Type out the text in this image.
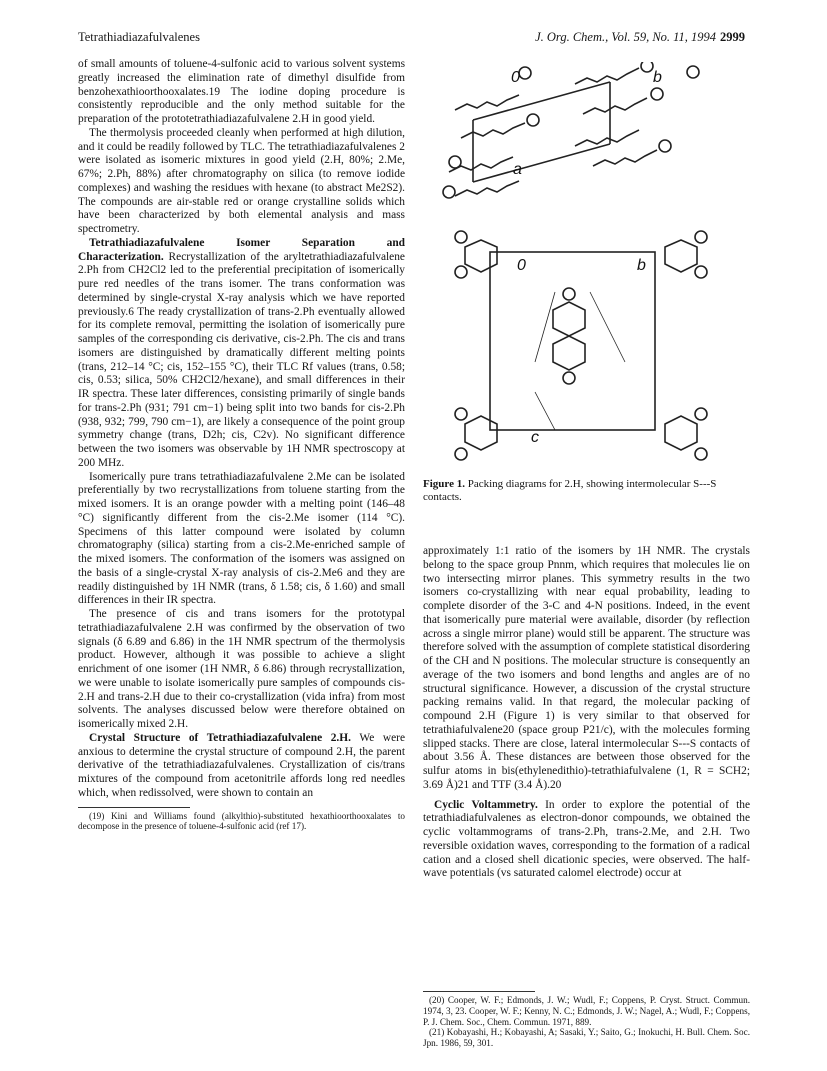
Tetrathiadiazafulvalenes	J. Org. Chem., Vol. 59, No. 11, 1994 2999

of small amounts of toluene-4-sulfonic acid to various solvent systems greatly increased the elimination rate of dimethyl disulfide from benzohexathioorthooxalates.19 The iodine doping procedure is consistently reproducible and the only method suitable for the preparation of the prototetrathiadiazafulvalene 2.H in good yield.

The thermolysis proceeded cleanly when performed at high dilution, and it could be readily followed by TLC. The tetrathiadiazafulvalenes 2 were isolated as isomeric mixtures in good yield (2.H, 80%; 2.Me, 67%; 2.Ph, 88%) after chromatography on silica (to remove iodide complexes) and washing the residues with hexane (to abstract Me2S2). The compounds are air-stable red or orange crystalline solids which have been characterized by both elemental analysis and mass spectrometry.

Tetrathiadiazafulvalene Isomer Separation and Characterization. Recrystallization of the aryltetrathiadiazafulvalene 2.Ph from CH2Cl2 led to the preferential precipitation of isomerically pure red needles of the trans isomer. The trans conformation was determined by single-crystal X-ray analysis which we have reported previously.6 The ready crystallization of trans-2.Ph eventually allowed for its complete removal, permitting the isolation of isomerically pure samples of the corresponding cis derivative, cis-2.Ph. The cis and trans isomers are distinguished by dramatically different melting points (trans, 212–14 °C; cis, 152–155 °C), their TLC Rf values (trans, 0.58; cis, 0.53; silica, 50% CH2Cl2/hexane), and small differences in their IR spectra. These later differences, consisting primarily of single bands for trans-2.Ph (931; 791 cm−1) being split into two bands for cis-2.Ph (938, 932; 799, 790 cm−1), are likely a consequence of the point group symmetry change (trans, D2h; cis, C2v). No significant difference between the two isomers was observable by 1H NMR spectroscopy at 200 MHz.

Isomerically pure trans tetrathiadiazafulvalene 2.Me can be isolated preferentially by two recrystallizations from toluene starting from the mixed isomers. It is an orange powder with a melting point (146–48 °C) significantly different from the cis-2.Me isomer (114 °C). Specimens of this latter compound were isolated by column chromatography (silica) starting from a cis-2.Me-enriched sample of the mixed isomers. The conformation of the isomers was assigned on the basis of a single-crystal X-ray analysis of cis-2.Me6 and they are readily distinguished by 1H NMR (trans, δ 1.58; cis, δ 1.60) and small differences in their IR spectra.

The presence of cis and trans isomers for the prototypal tetrathiadiazafulvalene 2.H was confirmed by the observation of two signals (δ 6.89 and 6.86) in the 1H NMR spectrum of the thermolysis product. However, although it was possible to achieve a slight enrichment of one isomer (1H NMR, δ 6.86) through recrystallization, we were unable to isolate isomerically pure samples of compounds cis-2.H and trans-2.H due to their co-crystallization (vida infra) from most solvents. The analyses discussed below were therefore obtained on isomerically mixed 2.H.

Crystal Structure of Tetrathiadiazafulvalene 2.H. We were anxious to determine the crystal structure of compound 2.H, the parent derivative of the tetrathiadiazafulvalenes. Crystallization of cis/trans mixtures of the compound from acetonitrile affords long red needles which, when redissolved, were shown to contain an

(19) Kini and Williams found (alkylthio)-substituted hexathioorthooxalates to decompose in the presence of toluene-4-sulfonic acid (ref 17).

0	b
a
0	b
c
Figure 1. Packing diagrams for 2.H, showing intermolecular S---S contacts.

approximately 1:1 ratio of the isomers by 1H NMR. The crystals belong to the space group Pnnm, which requires that molecules lie on two intersecting mirror planes. This symmetry results in the two isomers co-crystallizing with near equal probability, leading to complete disorder of the 3-C and 4-N positions. Indeed, in the event that isomerically pure material were available, disorder (by reflection across a single mirror plane) would still be apparent. The structure was therefore solved with the assumption of complete statistical disordering of the CH and N positions. The molecular structure is consequently an average of the two isomers and bond lengths and angles are of no structural significance. However, a discussion of the crystal structure packing remains valid. In that regard, the molecular packing of compound 2.H (Figure 1) is very similar to that observed for tetrathiafulvalene20 (space group P21/c), with the molecules forming slipped stacks. There are close, lateral intermolecular S---S contacts of about 3.56 Å. These distances are between those observed for the sulfur atoms in bis(ethylenedithio)-tetrathiafulvalene (1, R = SCH2; 3.69 Å)21 and TTF (3.4 Å).20

Cyclic Voltammetry. In order to explore the potential of the tetrathiadiafulvalenes as electron-donor compounds, we obtained the cyclic voltammograms of trans-2.Ph, trans-2.Me, and 2.H. Two reversible oxidation waves, corresponding to the formation of a radical cation and a closed shell dicationic species, were observed. The half-wave potentials (vs saturated calomel electrode) occur at

(20) Cooper, W. F.; Edmonds, J. W.; Wudl, F.; Coppens, P. Cryst. Struct. Commun. 1974, 3, 23. Cooper, W. F.; Kenny, N. C.; Edmonds, J. W.; Nagel, A.; Wudl, F.; Coppens, P. J. Chem. Soc., Chem. Commun. 1971, 889.

(21) Kobayashi, H.; Kobayashi, A; Sasaki, Y.; Saito, G.; Inokuchi, H. Bull. Chem. Soc. Jpn. 1986, 59, 301.
